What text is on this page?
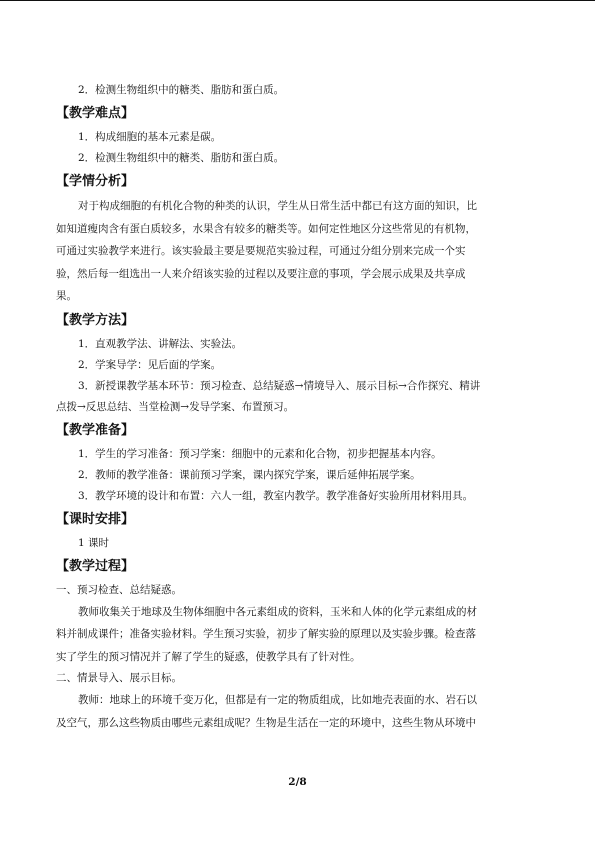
2．检测生物组织中的糖类、脂肪和蛋白质。
【教学难点】
1．构成细胞的基本元素是碳。
2．检测生物组织中的糖类、脂肪和蛋白质。
【学情分析】
对于构成细胞的有机化合物的种类的认识，学生从日常生活中都已有这方面的知识，比
如知道瘦肉含有蛋白质较多，水果含有较多的糖类等。如何定性地区分这些常见的有机物，
可通过实验教学来进行。该实验最主要是要规范实验过程，可通过分组分别来完成一个实
验，然后每一组选出一人来介绍该实验的过程以及要注意的事项，学会展示成果及共享成
果。
【教学方法】
1．直观教学法、讲解法、实验法。
2．学案导学：见后面的学案。
3．新授课教学基本环节：预习检查、总结疑惑→情境导入、展示目标→合作探究、精讲
点拨→反思总结、当堂检测→发导学案、布置预习。
【教学准备】
1．学生的学习准备：预习学案：细胞中的元素和化合物，初步把握基本内容。
2．教师的教学准备：课前预习学案，课内探究学案，课后延伸拓展学案。
3．教学环境的设计和布置：六人一组，教室内教学。教学准备好实验所用材料用具。
【课时安排】
1 课时
【教学过程】
一、预习检查、总结疑惑。
教师收集关于地球及生物体细胞中各元素组成的资料，玉米和人体的化学元素组成的材
料并制成课件；准备实验材料。学生预习实验，初步了解实验的原理以及实验步骤。检查落
实了学生的预习情况并了解了学生的疑惑，使教学具有了针对性。
二、情景导入、展示目标。
教师：地球上的环境千变万化，但都是有一定的物质组成，比如地壳表面的水、岩石以
及空气，那么这些物质由哪些元素组成呢？生物是生活在一定的环境中，这些生物从环境中
2/8
